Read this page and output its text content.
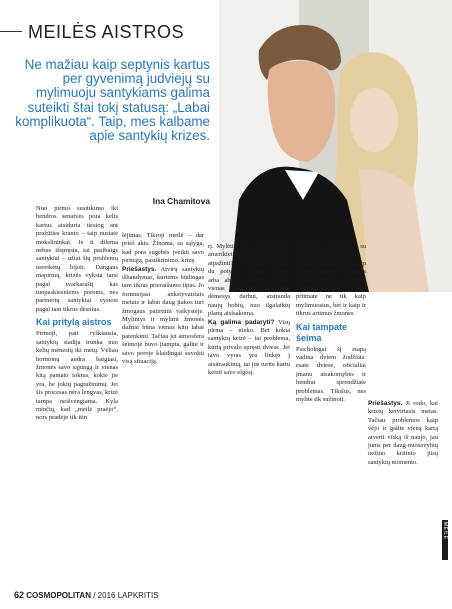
MEILĖS AISTROS
Ne mažiau kaip septynis kartus per gyvenimą judviejų su mylimuoju santykiams galima suteikti štai tokį statusą: „Labai komplikuota“. Taip, mes kalbame apie santykių krizes.
Ina Chamitova

Nuo pirmo susitikimo iki bendros senatvės pora kelis kartus atsiduria tiesiog ant pražūties kranto – taip nustatė mokslininkai. Je ti dilema nebus išspręsta, tai pasibaigs santykiai – užtat šių problemų nereikėtų bijoti. Dangaus mapirmų, krizės vyksta tarsi pagal tvarkaraštį kas tuopaskiesniems poroms, nes partnerių santykiai vystosi pagal tam tikrus dėsnius.

Kai pritylą aistros

Pirmoji, pati ryškiausia, santykių stadija trunka nuo kelių mėnesių iki metų. Vėliau hormonų audra baigiasi, žmonės savo sąjungą ir vienas kitą pamato tokius, kokie jie yra, be jokių pagražinimų. Jei šis procesas nėra lengvas, krizė tampa neišvengiama. Kyla minčių, kad „meilė praėjo“, nors pradėjo tik itin

lėjimas. Tikroji meilė – dar prieš akis. Žinoma, su sąlyga, kad pora sugebės įveikti savo pirmąją, pastikrinimo, krizę.

Priešastys. Atvirų santykių išbandymas, kuriems būdingas tam tikras prieraišumo tipas. Jo formuojasi ankstyvaisiais metais ir labai daug įtakos turi žmogaus patirtimi vaikystėje. Mylintys ir mylimi žmonės dažnai būna vienas kitu labai patenkinti. Tačiau jei atmosfera šeimoje buvo įtampta, galite ir savo poroje klaidingai suvokti visą situaciją.

rį. Mylėti tokį – kaip važinėti amerikietiškais kalneliais. Kaip atpažinti? Šiai krizei būdingi du potyriai. Pirmas: vienas arba abu partneriai atitolsta vienas nuo kito. Padidėja dėmesys darbui, atsiranda naujų hobių, nuo ilgalaikių planų atsisakoma.

Ką galima padaryti? Visų pirma – nieko. Bet kokia santykių krizė – tai problema, kurią privalo spręsti dviese. Jei tavo vyras yra linkęs į atsitraukimą, tai jūs turite kartu keisti savo elgesį.

Vadinasi, santykiai su tokiu žmogumi – ne tau.

Krizė baigėsi, jei... tarp jūsų atsirado stipraus pasitikėjimo ir šilumos jausmas. Vienas kitą priimate ne tik kaip mylimuosius, bet ir kaip ir tikrus artimus žmones.

Kai tampate šeima

Psichologai šį etapą vadina dviem žodžiais: esate dviese, oficialiai įmanu atsakomybės ir bendrai sprendžiate problemas. Tikslus, nes mylite tik sužinoti.

Priešastys. Ji rodo, kai krizių ketvirtasis metas. Tačiau problemos kaip vėjo ir galite vieną kartą atverti viską iš naujo, jau jums per daug nuosavybių nežino kritinio jūsų santykių momento.

MEILĖ
62 COSMOPOLITAN / 2016 LAPKRITIS
